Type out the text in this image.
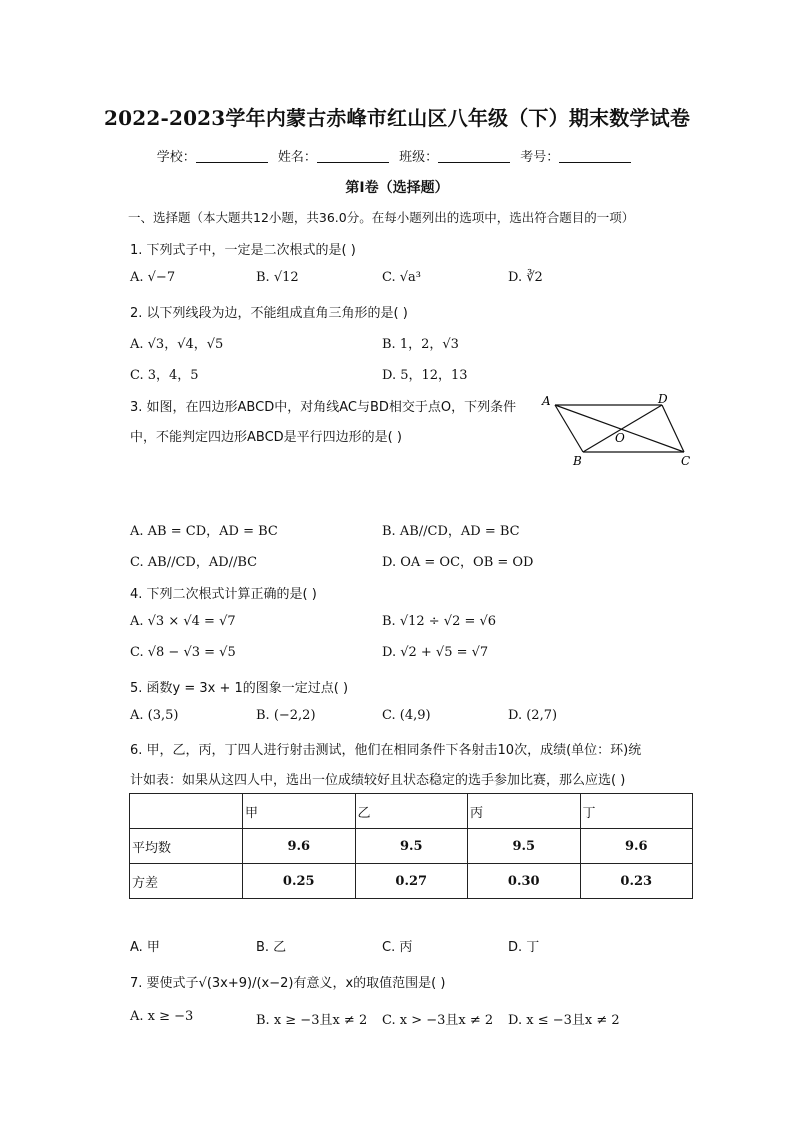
2022-2023学年内蒙古赤峰市红山区八年级（下）期末数学试卷
学校：	姓名：	班级：	考号：
第I卷（选择题）
一、选择题（本大题共12小题，共36.0分。在每小题列出的选项中，选出符合题目的一项）
1. 下列式子中，一定是二次根式的是( )
A. √−7	B. √12	C. √a³	D. ∛2
2. 以下列线段为边，不能组成直角三角形的是( )
A. √3，√4，√5	B. 1，2，√3
C. 3，4，5	D. 5，12，13
3. 如图，在四边形ABCD中，对角线AC与BD相交于点O，下列条件
中，不能判定四边形ABCD是平行四边形的是( )
A	D
B	C
O
A. AB = CD，AD = BC	B. AB//CD，AD = BC
C. AB//CD，AD//BC	D. OA = OC，OB = OD
4. 下列二次根式计算正确的是( )
A. √3 × √4 = √7	B. √12 ÷ √2 = √6
C. √8 − √3 = √5	D. √2 + √5 = √7
5. 函数y = 3x + 1的图象一定过点( )
A. (3,5)	B. (−2,2)	C. (4,9)	D. (2,7)
6. 甲，乙，丙，丁四人进行射击测试，他们在相同条件下各射击10次，成绩(单位：环)统
计如表：如果从这四人中，选出一位成绩较好且状态稳定的选手参加比赛，那么应选( )
	甲	乙	丙	丁
平均数	9.6	9.5	9.5	9.6
方差	0.25	0.27	0.30	0.23
A. 甲	B. 乙	C. 丙	D. 丁
7. 要使式子√(3x+9)/(x−2)有意义，x的取值范围是( )
A. x ≥ −3	B. x ≥ −3且x ≠ 2 C. x > −3且x ≠ 2 D. x ≤ −3且x ≠ 2
